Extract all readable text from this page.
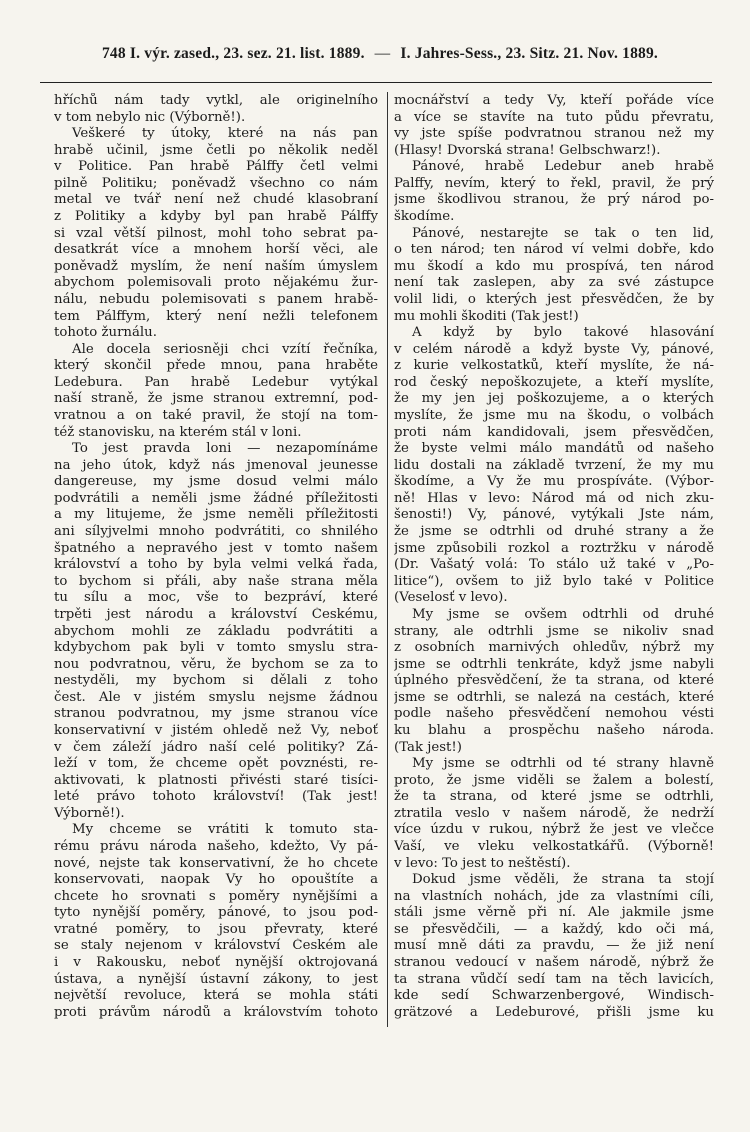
748 I. výr. zased., 23. sez. 21. list. 1889. — I. Jahres-Sess., 23. Sitz. 21. Nov. 1889.
hříchů nám tady vytkl, ale originelního
v tom nebylo nic (Výborně!).
Veškeré ty útoky, které na nás pan
hrabě učinil, jsme četli po několik neděl
v Politice. Pan hrabě Pálffy četl velmi
pilně Politiku; poněvadž všechno co nám
metal ve tvář není než chudé klasobraní
z Politiky a kdyby byl pan hrabě Pálffy
si vzal větší pilnost, mohl toho sebrat pa-
desatkrát více a mnohem horší věci, ale
poněvadž myslím, že není naším úmyslem
abychom polemisovali proto nějakému žur-
nálu, nebudu polemisovati s panem hrabě-
tem Pálffym, který není nežli telefonem
tohoto žurnálu.
Ale docela seriosněji chci vzítí řečníka,
který skončil přede mnou, pana hraběte
Ledebura. Pan hrabě Ledebur vytýkal
naší straně, že jsme stranou extremní, pod-
vratnou a on také pravil, že stojí na tom-
též stanovisku, na kterém stál v loni.
To jest pravda loni — nezapomínáme
na jeho útok, když nás jmenoval jeunesse
dangereuse, my jsme dosud velmi málo
podvrátili a neměli jsme žádné příležitosti
a my litujeme, že jsme neměli příležitosti
ani sílyjvelmi mnoho podvrátiti, co shnilého
špatného a nepravého jest v tomto našem
království a toho by byla velmi velká řada,
to bychom si přáli, aby naše strana měla
tu sílu a moc, vše to bezpráví, které
trpěti jest národu a království Českému,
abychom mohli ze základu podvrátiti a
kdybychom pak byli v tomto smyslu stra-
nou podvratnou, věru, že bychom se za to
nestyděli, my bychom si dělali z toho
čest. Ale v jistém smyslu nejsme žádnou
stranou podvratnou, my jsme stranou více
konservativní v jistém ohledě než Vy, neboť
v čem záleží jádro naší celé politiky? Zá-
leží v tom, že chceme opět povznésti, re-
aktivovati, k platnosti přivésti staré tisíci-
leté právo tohoto království! (Tak jest!
Výborně!).
My chceme se vrátiti k tomuto sta-
rému právu národa našeho, kdežto, Vy pá-
nové, nejste tak konservativní, že ho chcete
konservovati, naopak Vy ho opouštíte a
chcete ho srovnati s poměry nynějšími a
tyto nynější poměry, pánové, to jsou pod-
vratné poměry, to jsou převraty, které
se staly nejenom v království Českém ale
i v Rakousku, neboť nynější oktrojovaná
ústava, a nynější ústavní zákony, to jest
největší revoluce, která se mohla státi
proti právům národů a královstvím tohoto
mocnářství a tedy Vy, kteří pořáde více
a více se stavíte na tuto půdu převratu,
vy jste spíše podvratnou stranou než my
(Hlasy! Dvorská strana! Gelbschwarz!).
Pánové, hrabě Ledebur aneb hrabě
Palffy, nevím, který to řekl, pravil, že prý
jsme škodlivou stranou, že prý národ po-
škodíme.
Pánové, nestarejte se tak o ten lid,
o ten národ; ten národ ví velmi dobře, kdo
mu škodí a kdo mu prospívá, ten národ
není tak zaslepen, aby za své zástupce
volil lidi, o kterých jest přesvědčen, že by
mu mohli škoditi (Tak jest!)
A když by bylo takové hlasování
v celém národě a když byste Vy, pánové,
z kurie velkostatků, kteří myslíte, že ná-
rod český nepoškozujete, a kteří myslíte,
že my jen jej poškozujeme, a o kterých
myslíte, že jsme mu na škodu, o volbách
proti nám kandidovali, jsem přesvědčen,
že byste velmi málo mandátů od našeho
lidu dostali na základě tvrzení, že my mu
škodíme, a Vy že mu prospíváte. (Výbor-
ně! Hlas v levo: Národ má od nich zku-
šenosti!) Vy, pánové, vytýkali Jste nám,
že jsme se odtrhli od druhé strany a že
jsme způsobili rozkol a roztržku v národě
(Dr. Vašatý volá: To stálo už také v „Po-
litice“), ovšem to již bylo také v Politice
(Veselosť v levo).
My jsme se ovšem odtrhli od druhé
strany, ale odtrhli jsme se nikoliv snad
z osobních marnivých ohledův, nýbrž my
jsme se odtrhli tenkráte, když jsme nabyli
úplného přesvědčení, že ta strana, od které
jsme se odtrhli, se nalezá na cestách, které
podle našeho přesvědčení nemohou vésti
ku blahu a prospěchu našeho národa.
(Tak jest!)
My jsme se odtrhli od té strany hlavně
proto, že jsme viděli se žalem a bolestí,
že ta strana, od které jsme se odtrhli,
ztratila veslo v našem národě, že nedrží
více úzdu v rukou, nýbrž že jest ve vlečce
Vaší, ve vleku velkostatkářů. (Výborně!
v levo: To jest to neštěstí).
Dokud jsme věděli, že strana ta stojí
na vlastních nohách, jde za vlastními cíli,
stáli jsme věrně při ní. Ale jakmile jsme
se přesvědčili, — a každý, kdo oči má,
musí mně dáti za pravdu, — že již není
stranou vedoucí v našem národě, nýbrž že
ta strana vůdčí sedí tam na těch lavicích,
kde sedí Schwarzenbergové, Windisch-
grätzové a Ledeburové, přišli jsme ku
